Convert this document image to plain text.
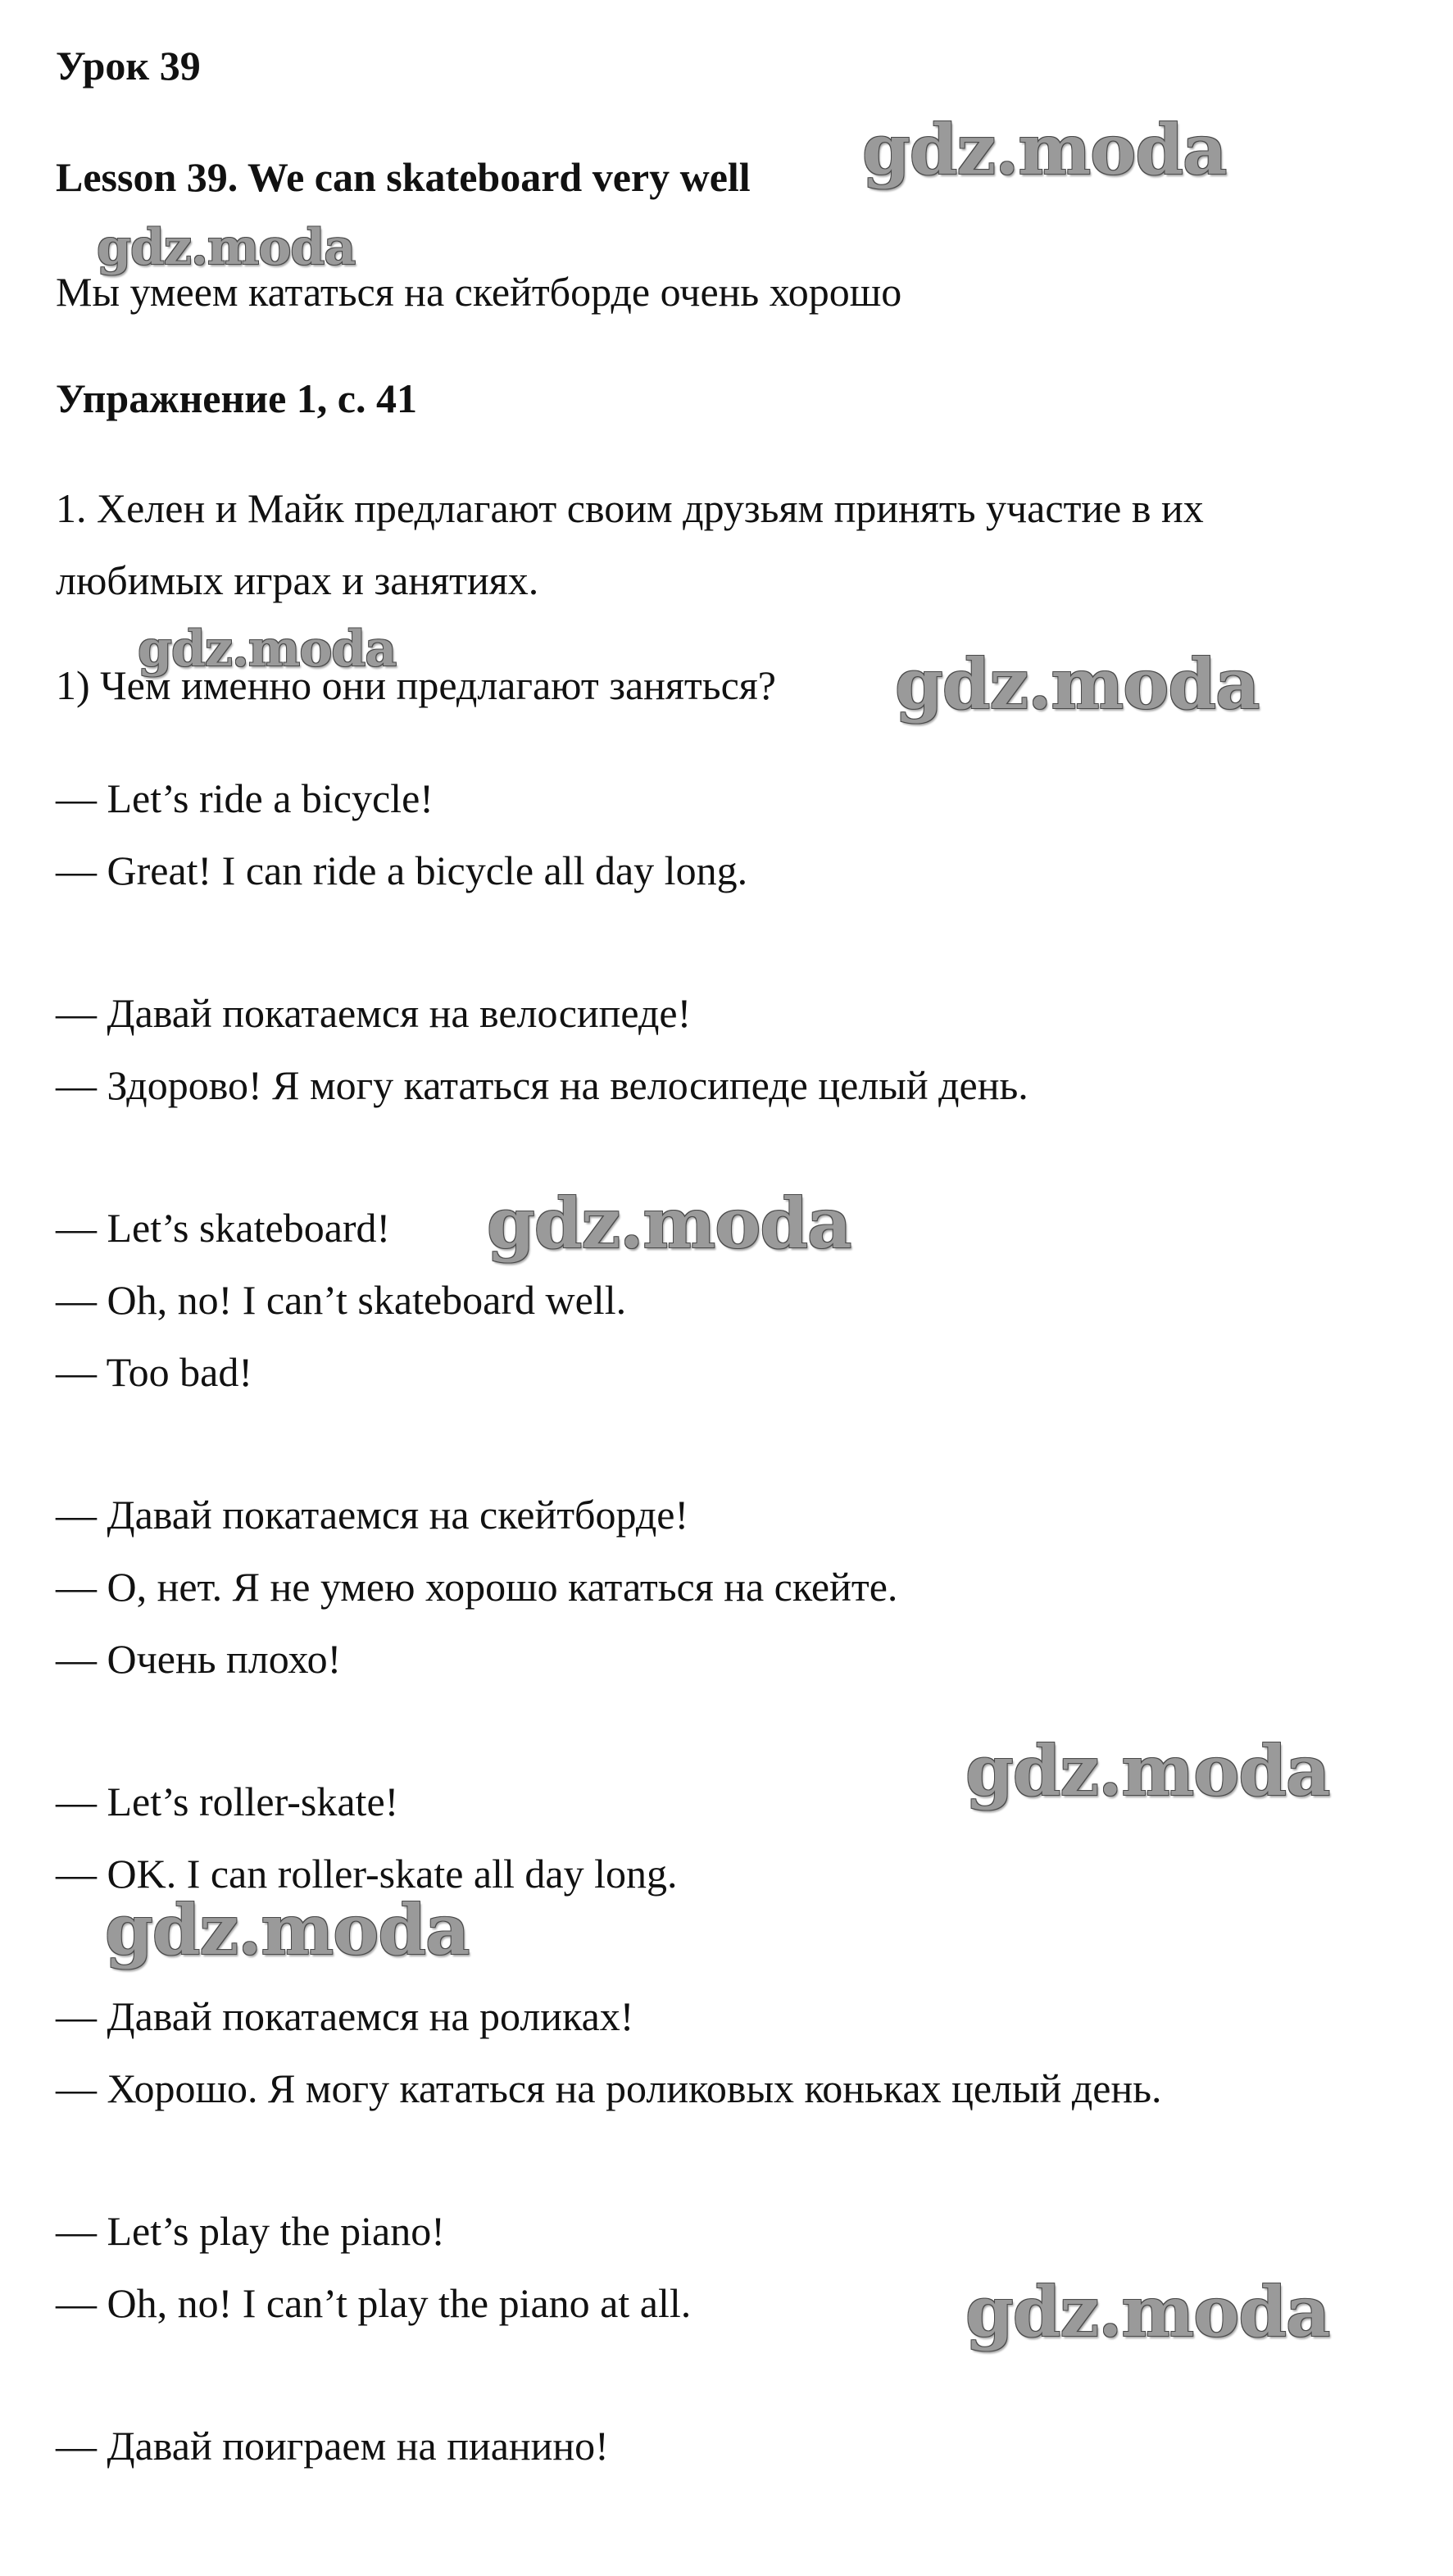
Урок 39
Lesson 39. We can skateboard very well
Мы умеем кататься на скейтборде очень хорошо
Упражнение 1, с. 41
1. Хелен и Майк предлагают своим друзьям принять участие в их
любимых играх и занятиях.
1) Чем именно они предлагают заняться?
— Let’s ride a bicycle!
— Great! I can ride a bicycle all day long.
— Давай покатаемся на велосипеде!
— Здорово! Я могу кататься на велосипеде целый день.
— Let’s skateboard!
— Oh, no! I can’t skateboard well.
— Too bad!
— Давай покатаемся на скейтборде!
— О, нет. Я не умею хорошо кататься на скейте.
— Очень плохо!
— Let’s roller-skate!
— OK. I can roller-skate all day long.
— Давай покатаемся на роликах!
— Хорошо. Я могу кататься на роликовых коньках целый день.
— Let’s play the piano!
— Oh, no! I can’t play the piano at all.
— Давай поиграем на пианино!
gdz.moda
gdz.moda
gdz.moda	gdz.moda
gdz.moda
gdz.moda
gdz.moda
gdz.moda
